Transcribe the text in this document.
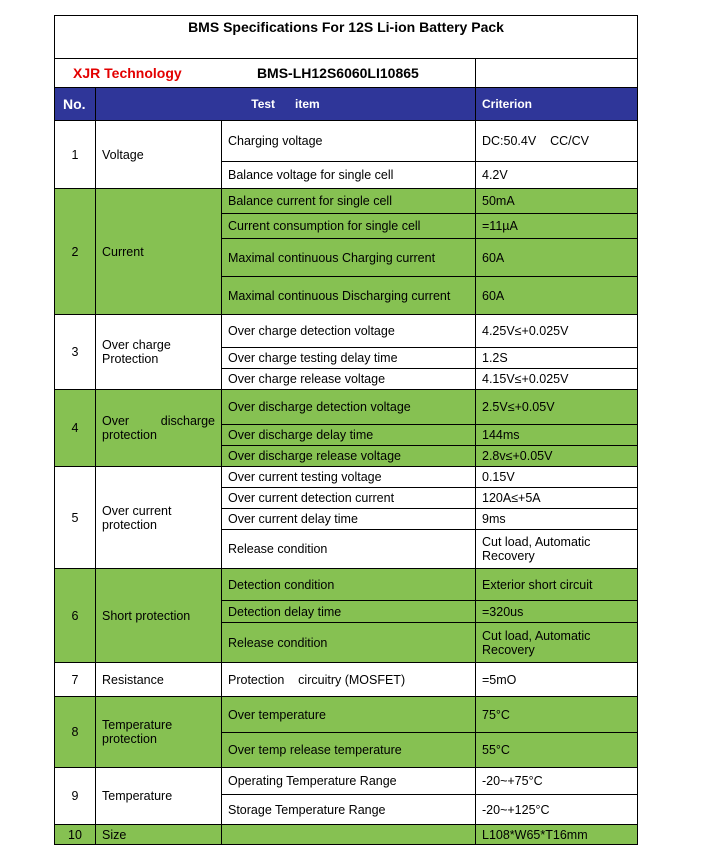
BMS Specifications For 12S Li-ion Battery Pack			
XJR Technology BMS-LH12S6060LI10865			
No.	Test      item		Criterion
1	Voltage	Charging voltage	DC:50.4V    CC/CV
		Balance voltage for single cell	4.2V
2	Current	Balance current for single cell	50mA
		Current consumption for single cell	=11µA
		Maximal continuous Charging current	60A
		Maximal continuous Discharging current	60A
3	Over charge Protection	Over charge detection voltage	4.25V≤+0.025V
		Over charge testing delay time	1.2S
		Over charge release voltage	4.15V≤+0.025V
4	Over discharge protection	Over discharge detection voltage	2.5V≤+0.05V
		Over discharge delay time	144ms
		Over discharge release voltage	2.8v≤+0.05V
5	Over current protection	Over current testing voltage	0.15V
		Over current detection current	120A≤+5A
		Over current delay time	9ms
		Release condition	Cut load, Automatic Recovery
6	Short protection	Detection condition	Exterior short circuit
		Detection delay time	=320us
		Release condition	Cut load, Automatic Recovery
7	Resistance	Protection    circuitry (MOSFET)	=5mO
8	Temperature protection	Over temperature	75°C
		Over temp release temperature	55°C
9	Temperature	Operating Temperature Range	-20~+75°C
		Storage Temperature Range	-20~+125°C
10	Size		L108*W65*T16mm
